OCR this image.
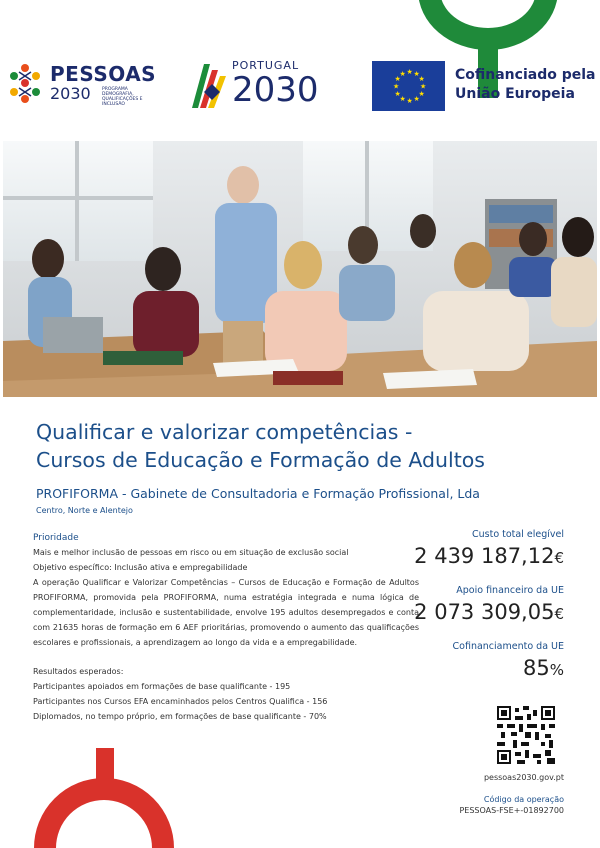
PESSOAS
2030	PROGRAMA DEMOGRAFIA, QUALIFICAÇÕES E INCLUSÃO
PORTUGAL
2030	★ ★
★
★
★
★
★
★
★
★
★
★	Cofinanciado pela
União Europeia
Qualificar e valorizar competências -
Cursos de Educação e Formação de Adultos
PROFIFORMA - Gabinete de Consultadoria e Formação Profissional, Lda
Centro, Norte e Alentejo
Prioridade
Mais e melhor inclusão de pessoas em risco ou em situação de exclusão social
Objetivo específico: Inclusão ativa e empregabilidade
A operação Qualificar e Valorizar Competências – Cursos de Educação e Formação de Adultos PROFIFORMA, promovida pela PROFIFORMA, numa estratégia integrada e numa lógica de complementaridade, inclusão e sustentabilidade, envolve 195 adultos desempregados e conta com 21635 horas de formação em 6 AEF prioritárias, promovendo o aumento das qualificações escolares e profissionais, a aprendizagem ao longo da vida e a empregabilidade.
Resultados esperados:
Participantes apoiados em formações de base qualificante - 195
Participantes nos Cursos EFA encaminhados pelos Centros Qualifica - 156
Diplomados, no tempo próprio, em formações de base qualificante - 70%
Custo total elegível
2 439 187,12€
Apoio financeiro da UE
2 073 309,05€
Cofinanciamento da UE
85%
pessoas2030.gov.pt
Código da operação
PESSOAS-FSE+-01892700
